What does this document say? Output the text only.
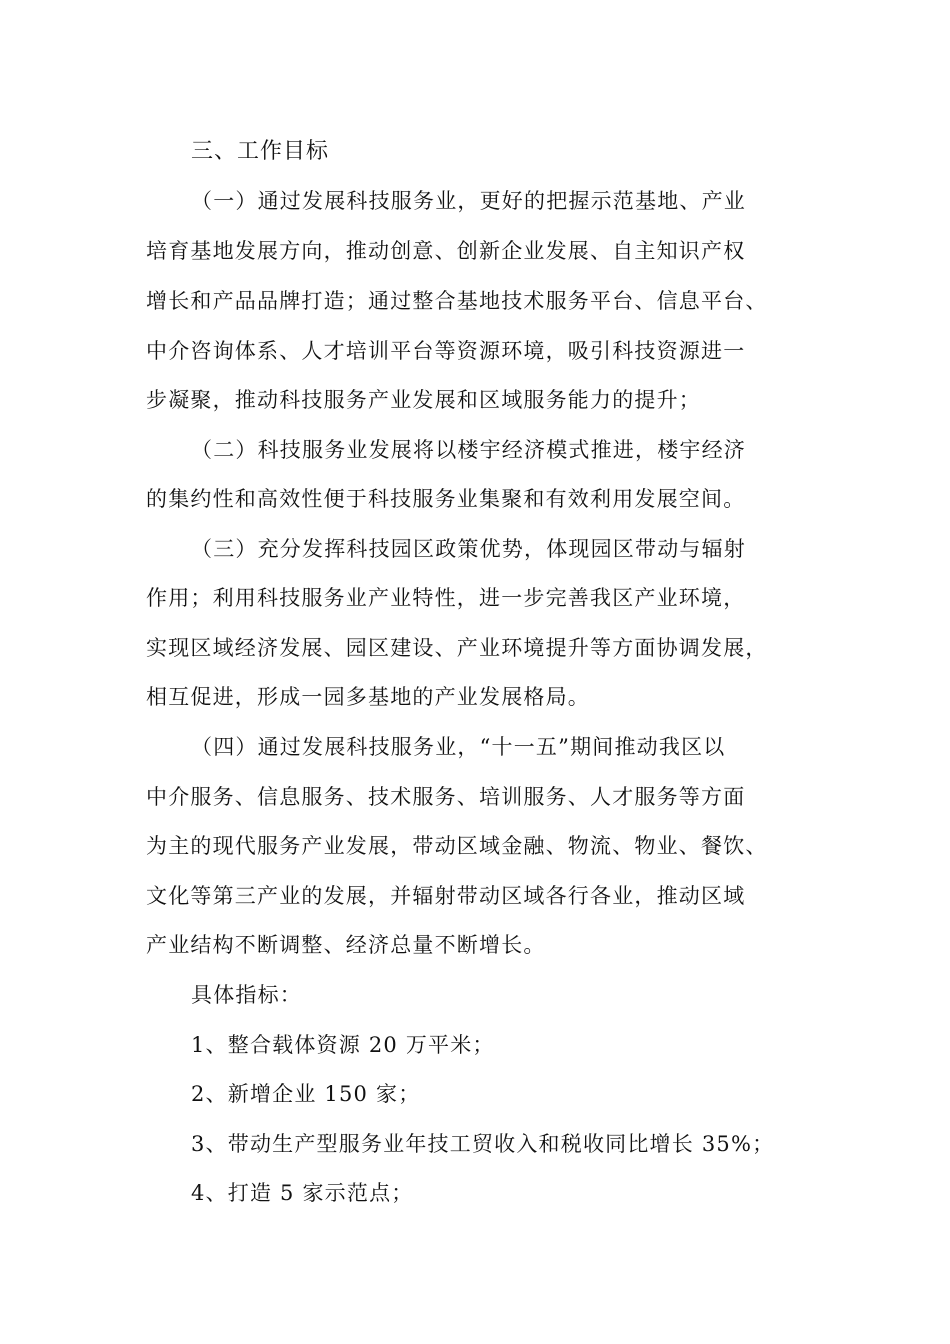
三、工作目标
（一）通过发展科技服务业，更好的把握示范基地、产业
培育基地发展方向，推动创意、创新企业发展、自主知识产权
增长和产品品牌打造；通过整合基地技术服务平台、信息平台、
中介咨询体系、人才培训平台等资源环境，吸引科技资源进一
步凝聚，推动科技服务产业发展和区域服务能力的提升；
（二）科技服务业发展将以楼宇经济模式推进，楼宇经济
的集约性和高效性便于科技服务业集聚和有效利用发展空间。
（三）充分发挥科技园区政策优势，体现园区带动与辐射
作用；利用科技服务业产业特性，进一步完善我区产业环境，
实现区域经济发展、园区建设、产业环境提升等方面协调发展，
相互促进，形成一园多基地的产业发展格局。
（四）通过发展科技服务业，“十一五”期间推动我区以
中介服务、信息服务、技术服务、培训服务、人才服务等方面
为主的现代服务产业发展，带动区域金融、物流、物业、餐饮、
文化等第三产业的发展，并辐射带动区域各行各业，推动区域
产业结构不断调整、经济总量不断增长。
具体指标：
1、整合载体资源 20 万平米；
2、新增企业 150 家；
3、带动生产型服务业年技工贸收入和税收同比增长 35%；
4、打造 5 家示范点；
